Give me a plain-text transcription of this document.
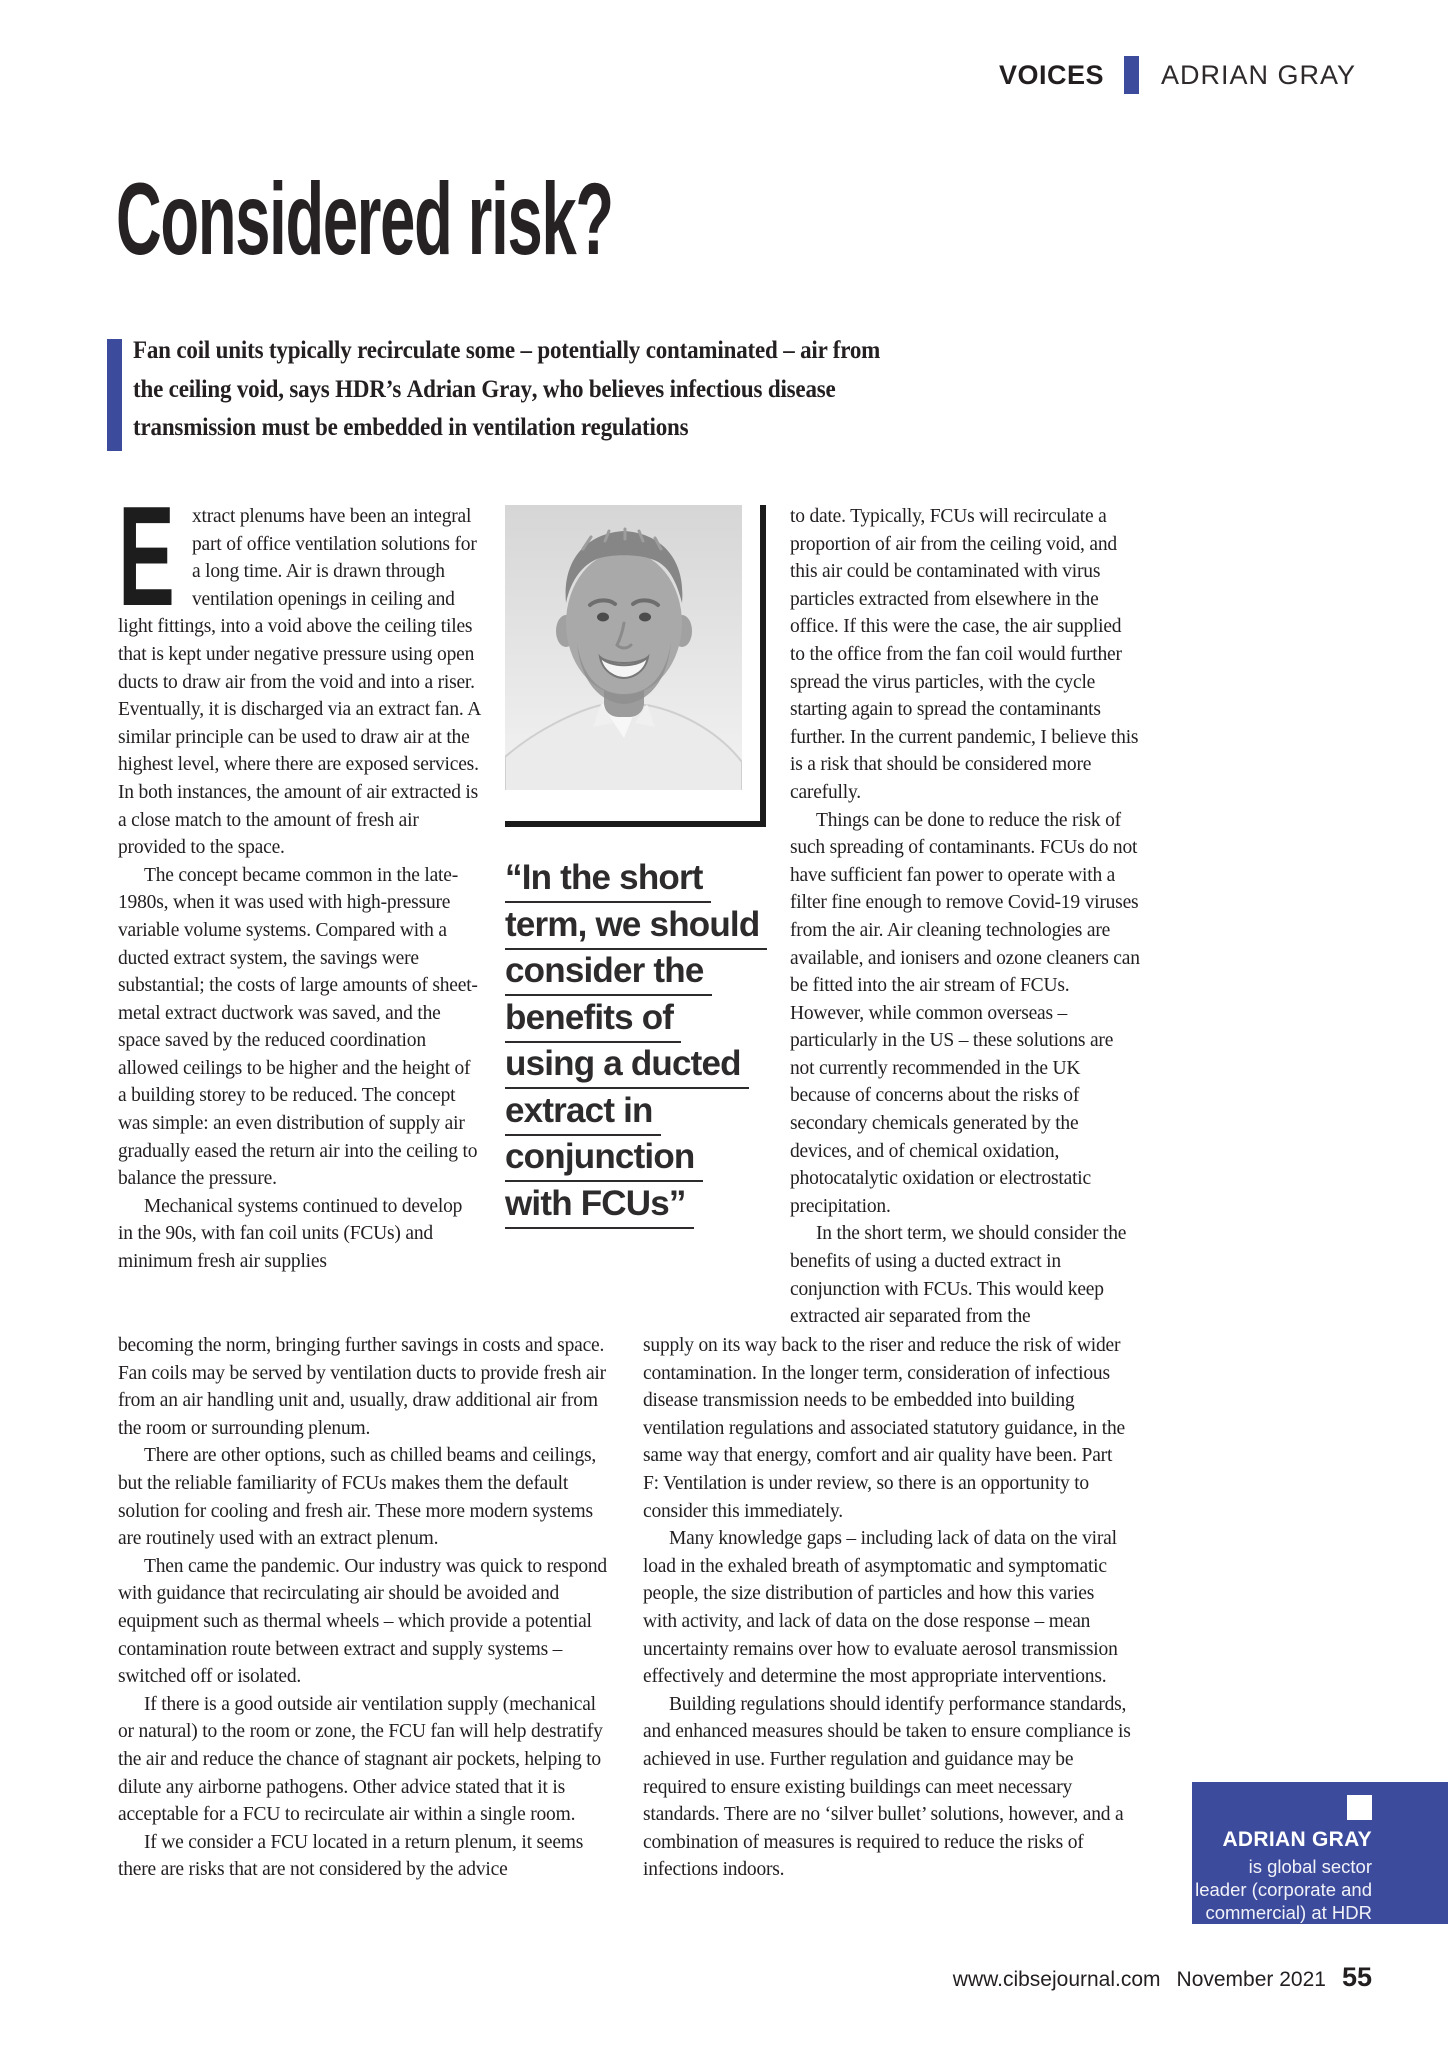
VOICES ADRIAN GRAY
Considered risk?
Fan coil units typically recirculate some – potentially contaminated – air from
the ceiling void, says HDR’s Adrian Gray, who believes infectious disease
transmission must be embedded in ventilation regulations

Extract plenums have been an integral part of office ventilation solutions for a long time. Air is drawn through ventilation openings in ceiling and light fittings, into a void above the ceiling tiles that is kept under negative pressure using open ducts to draw air from the void and into a riser. Eventually, it is discharged via an extract fan. A similar principle can be used to draw air at the highest level, where there are exposed services. In both instances, the amount of air extracted is a close match to the amount of fresh air provided to the space.

The concept became common in the late-1980s, when it was used with high-pressure variable volume systems. Compared with a ducted extract system, the savings were substantial; the costs of large amounts of sheet-metal extract ductwork was saved, and the space saved by the reduced coordination allowed ceilings to be higher and the height of a building storey to be reduced. The concept was simple: an even distribution of supply air gradually eased the return air into the ceiling to balance the pressure.

Mechanical systems continued to develop in the 90s, with fan coil units (FCUs) and minimum fresh air supplies

“In the short
term, we should
consider the
benefits of
using a ducted
extract in
conjunction
with FCUs”

to date. Typically, FCUs will recirculate a proportion of air from the ceiling void, and this air could be contaminated with virus particles extracted from elsewhere in the office. If this were the case, the air supplied to the office from the fan coil would further spread the virus particles, with the cycle starting again to spread the contaminants further. In the current pandemic, I believe this is a risk that should be considered more carefully.

Things can be done to reduce the risk of such spreading of contaminants. FCUs do not have sufficient fan power to operate with a filter fine enough to remove Covid-19 viruses from the air. Air cleaning technologies are available, and ionisers and ozone cleaners can be fitted into the air stream of FCUs. However, while common overseas – particularly in the US – these solutions are not currently recommended in the UK because of concerns about the risks of secondary chemicals generated by the devices, and of chemical oxidation, photocatalytic oxidation or electrostatic precipitation.

In the short term, we should consider the benefits of using a ducted extract in conjunction with FCUs. This would keep extracted air separated from the

becoming the norm, bringing further savings in costs and space. Fan coils may be served by ventilation ducts to provide fresh air from an air handling unit and, usually, draw additional air from the room or surrounding plenum.

There are other options, such as chilled beams and ceilings, but the reliable familiarity of FCUs makes them the default solution for cooling and fresh air. These more modern systems are routinely used with an extract plenum.

Then came the pandemic. Our industry was quick to respond with guidance that recirculating air should be avoided and equipment such as thermal wheels – which provide a potential contamination route between extract and supply systems – switched off or isolated.

If there is a good outside air ventilation supply (mechanical or natural) to the room or zone, the FCU fan will help destratify the air and reduce the chance of stagnant air pockets, helping to dilute any airborne pathogens. Other advice stated that it is acceptable for a FCU to recirculate air within a single room.

If we consider a FCU located in a return plenum, it seems there are risks that are not considered by the advice

supply on its way back to the riser and reduce the risk of wider contamination. In the longer term, consideration of infectious disease transmission needs to be embedded into building ventilation regulations and associated statutory guidance, in the same way that energy, comfort and air quality have been. Part F: Ventilation is under review, so there is an opportunity to consider this immediately.

Many knowledge gaps – including lack of data on the viral load in the exhaled breath of asymptomatic and symptomatic people, the size distribution of particles and how this varies with activity, and lack of data on the dose response – mean uncertainty remains over how to evaluate aerosol transmission effectively and determine the most appropriate interventions.

Building regulations should identify performance standards, and enhanced measures should be taken to ensure compliance is achieved in use. Further regulation and guidance may be required to ensure existing buildings can meet necessary standards. There are no ‘silver bullet’ solutions, however, and a combination of measures is required to reduce the risks of infections indoors.

ADRIAN GRAY
is global sector
leader (corporate and
commercial) at HDR
www.cibsejournal.com November 2021 55
